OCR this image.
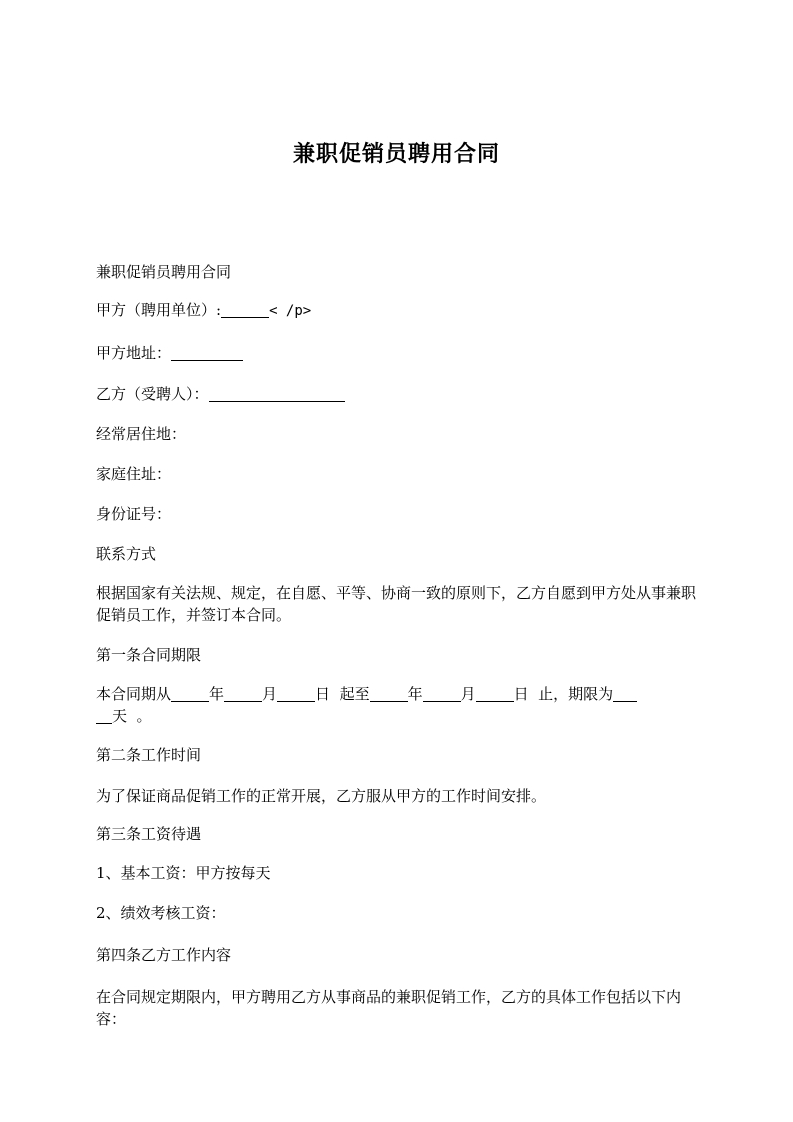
兼职促销员聘用合同
兼职促销员聘用合同
甲方（聘用单位）:	< /p>
甲方地址：
乙方（受聘人）：
经常居住地：
家庭住址：
身份证号：
联系方式
根据国家有关法规、规定，在自愿、平等、协商一致的原则下，乙方自愿到甲方处从事兼职促销员工作，并签订本合同。
第一条合同期限
本合同期从	年	月	日  起至	年	月	日  止，期限为
天  。
第二条工作时间
为了保证商品促销工作的正常开展，乙方服从甲方的工作时间安排。
第三条工资待遇
1、基本工资：甲方按每天
2、绩效考核工资：
第四条乙方工作内容
在合同规定期限内，甲方聘用乙方从事商品的兼职促销工作，乙方的具体工作包括以下内容：
